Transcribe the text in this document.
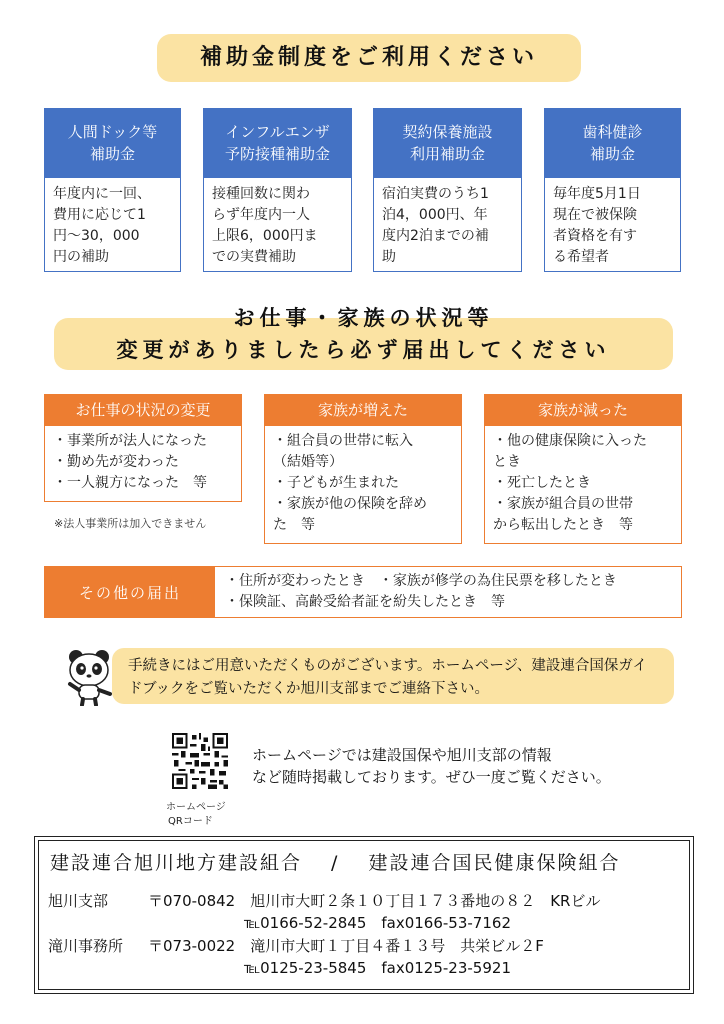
補助金制度をご利用ください
人間ドック等
補助金
年度内に一回、
費用に応じて1
円～30，000
円の補助
インフルエンザ
予防接種補助金
接種回数に関わ
らず年度内一人
上限6，000円ま
での実費補助
契約保養施設
利用補助金
宿泊実費のうち1
泊4，000円、年
度内2泊までの補
助
歯科健診
補助金
毎年度5月1日
現在で被保険
者資格を有す
る希望者
お仕事・家族の状況等
変更がありましたら必ず届出してください
お仕事の状況の変更
・事業所が法人になった
・勤め先が変わった
・一人親方になった　等
※法人事業所は加入できません
家族が増えた
・組合員の世帯に転入
（結婚等）
・子どもが生まれた
・家族が他の保険を辞め
た　等
家族が減った
・他の健康保険に入った
とき
・死亡したとき
・家族が組合員の世帯
から転出したとき　等
その他の届出
・住所が変わったとき　・家族が修学の為住民票を移したとき
・保険証、高齢受給者証を紛失したとき　等
手続きにはご用意いただくものがございます。ホームページ、建設連合国保ガイドブックをご覧いただくか旭川支部までご連絡下さい。
ホームページ
QRコード
ホームページでは建設国保や旭川支部の情報
など随時掲載しております。ぜひ一度ご覧ください。
建設連合旭川地方建設組合　 / 　建設連合国民健康保険組合
旭川支部	〒070-0842　旭川市大町２条１０丁目１７３番地の８２　KRビル
℡0166-52-2845　fax0166-53-7162
滝川事務所 〒073-0022　滝川市大町１丁目４番１３号　共栄ビル２F
℡0125-23-5845　fax0125-23-5921
